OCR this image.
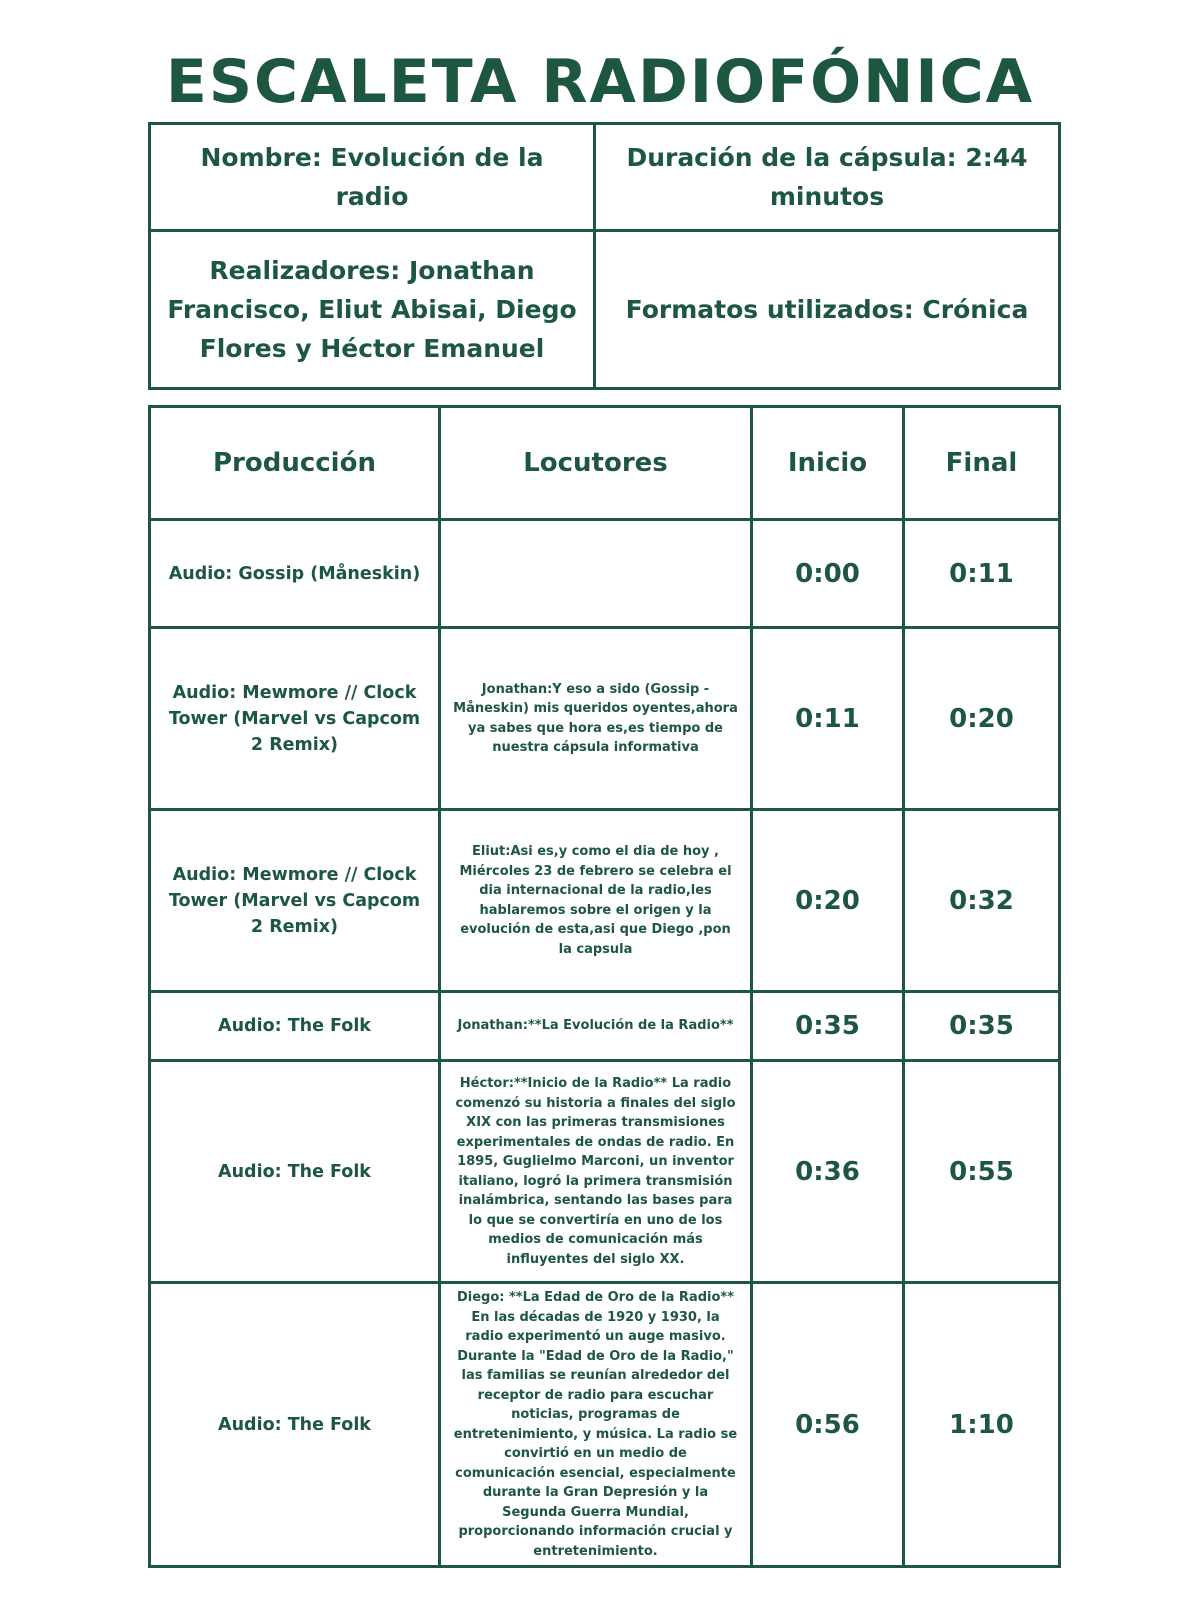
ESCALETA RADIOFÓNICA
Nombre: Evolución de la radio	Duración de la cápsula: 2:44 minutos
Realizadores: Jonathan Francisco, Eliut Abisai, Diego Flores y Héctor Emanuel	Formatos utilizados: Crónica
Producción	Locutores	Inicio	Final
Audio: Gossip (Måneskin)		0:00	0:11
Audio: Mewmore // Clock Tower (Marvel vs Capcom 2 Remix)	Jonathan:Y eso a sido (Gossip - Måneskin) mis queridos oyentes,ahora ya sabes que hora es,es tiempo de nuestra cápsula informativa	0:11	0:20
Audio: Mewmore // Clock Tower (Marvel vs Capcom 2 Remix)	Eliut:Asi es,y como el dia de hoy , Miércoles 23 de febrero se celebra el dia internacional de la radio,les hablaremos sobre el origen y la evolución de esta,asi que Diego ,pon la capsula	0:20	0:32
Audio: The Folk	Jonathan:**La Evolución de la Radio**	0:35	0:35
Audio: The Folk	Héctor:**Inicio de la Radio** La radio comenzó su historia a finales del siglo XIX con las primeras transmisiones experimentales de ondas de radio. En 1895, Guglielmo Marconi, un inventor italiano, logró la primera transmisión inalámbrica, sentando las bases para lo que se convertiría en uno de los medios de comunicación más influyentes del siglo XX.	0:36	0:55
Audio: The Folk	Diego: **La Edad de Oro de la Radio** En las décadas de 1920 y 1930, la radio experimentó un auge masivo. Durante la "Edad de Oro de la Radio," las familias se reunían alrededor del receptor de radio para escuchar noticias, programas de entretenimiento, y música. La radio se convirtió en un medio de comunicación esencial, especialmente durante la Gran Depresión y la Segunda Guerra Mundial, proporcionando información crucial y entretenimiento.	0:56	1:10
